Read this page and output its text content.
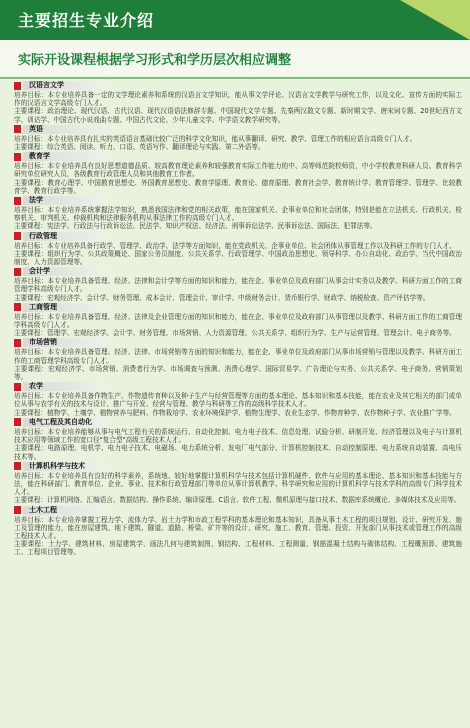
主要招生专业介绍
实际开设课程根据学习形式和学历层次相应调整
汉语言文学

培养目标：本专业培养具备一定的文学理论素养和系统的汉语言文学知识，能从事文学评论、汉语言文学教学与研究工作，以及文化、宣传方面的实际工作的汉语言文学高级专门人才。

主要课程：政治理论、现代汉语、古代汉语、现代汉语语法修辞专题、中国现代文学专题、先秦两汉散文专题、新时期文学、唐宋词专题、20世纪西方文学、训诂学、中国古代小说戏曲专题、中国古代文论、少年儿童文学、中学语文教学研究等。

英语

培养目标：本专业培养具有扎实的英语语言基础比较广泛的科学文化知识，能从事翻译、研究、教学、管理工作的相应语言高级专门人才。

主要课程：综合英语、阅读、听力、口语、英语写作、翻译理论与实践、第二外语等。

教育学

培养目标：本专业培养具有良好思想道德品质、较高教育理论素养和较强教育实际工作能力的中、高等师范院校师资，中小学校教育科研人员、教育科学研究单位研究人员，各级教育行政管理人员和其他教育工作者。

主要课程：教育心理学、中国教育思想史、外国教育思想史、教育学原理、教育论、德育原理、教育社会学、教育统计学、教育管理学、管理学、比较教育学、教育行政学等。

法学

培养目标：本专业培养系统掌握法学知识，熟悉我国法律和党的相关政策，能在国家机关、企事业单位和社会团体，特别是能在立法机关、行政机关、检察机关、审判机关、仲裁机构和法律服务机构从事法律工作的高级专门人才。

主要课程：宪法学、行政法与行政诉讼法、民法学、知识产权法、经济法、刑事诉讼法学、民事诉讼法、国际法、犯罪法等。

行政管理

培养目标：本专业培养具备行政学、管理学、政治学、法学等方面知识，能在党政机关、企事业单位、社会团体从事管理工作以及科研工作的专门人才。

主要课程：组织行为学、公共政策概论、国家公务员制度、公共关系学、行政管理学、中国政治思想史、领导科学、办公自动化、政治学、当代中国政治制度、人力资源管理等。

会计学

培养目标：本专业培养具备管理、经济、法律和会计学等方面的知识和能力，能在企、事业单位及政府部门从事会计实务以及教学、科研方面工作的工商管理学科高级专门人才。

主要课程：宏观经济学、会计学、财务管理、成本会计、管理会计、审计学、中级财务会计、货币银行学、财政学、纳税检查、资产评估学等。

工商管理

培养目标：本专业培养具备管理、经济、法律及企业管理方面的知识和能力，能在企、事业单位及政府部门从事管理以及教学、科研方面工作的工商管理学科高级专门人才。

主要课程：管理学、宏观经济学、会计学、财务管理、市场营销、人力资源管理、公共关系学、组织行为学、生产与运营管理、管理会计、电子商务等。

市场营销

培养目标：本专业培养具备管理、经济、法律、市场营销等方面的知识和能力，能在企、事业单位及政府部门从事市场营销与管理以及教学、科研方面工作的工商管理学科高级专门人才。

主要课程：宏观经济学、市场营销、消费者行为学、市场调查与预测、消费心理学、国际贸易学、广告理论与实务、公共关系学、电子商务、营销策划等。

农学

培养目标：本专业培养具备作物生产、作物遗传育种以及种子生产与经营管理等方面的基本理论、基本知识和基本技能，能在农业及其它相关的部门或单位从事与农学有关的技术与设计、推广与开发、经营与管理、教学与科研等工作的高级科学技术人才。

主要课程：植物学、土壤学、植物营养与肥料、作物栽培学、农业环境保护学、植物生理学、农业生态学、作物育种学、农作物种子学、农业推广学等。

电气工程及其自动化

培养目标：本专业培养能够从事与电气工程有关的系统运行、自动化控制、电力电子技术、信息处理、试验分析、研制开发、经济管理以及电子与计算机技术应用等领域工作的宽口径"复合型"高级工程技术人才。

主要课程：电路原理、电机学、电力电子技术、电磁场、电力系统分析、发电厂电气部分、计算机控制技术、自动控制原理、电力系统自动装置、高电压技术等。

计算机科学与技术

培养目标：本专业培养具有良好的科学素养，系统地、较好地掌握计算机科学与技术包括计算机硬件、软件与应用的基本理论、基本知识和基本技能与方法，能在科研部门、教育单位、企业、事业、技术和行政管理部门等单位从事计算机教学、科学研究和应用的计算机科学与技术学科的高级专门科学技术人才。

主要课程：计算机网络、汇编语言、数据结构、操作系统、编译原理、C语言、软件工程、微机原理与接口技术、数据库系统概论、多媒体技术及应用等。

土木工程

培养目标：本专业培养掌握工程力学、流体力学、岩土力学和市政工程学科的基本理论和基本知识，具备从事土木工程的项目规划、设计、研究开发、施工及管理的能力，能在房屋建筑、地下建筑、隧道、道路、桥梁、矿井等的设计、研究、施工、教育、管理、投资、开发部门从事技术或管理工作的高级工程技术人才。

主要课程：土力学、建筑材料、房屋建筑学、画法几何与建筑制图、钢结构、工程材料、工程测量、钢筋混凝土结构与砌体结构、工程概预算、建筑施工、工程项目管理等。
